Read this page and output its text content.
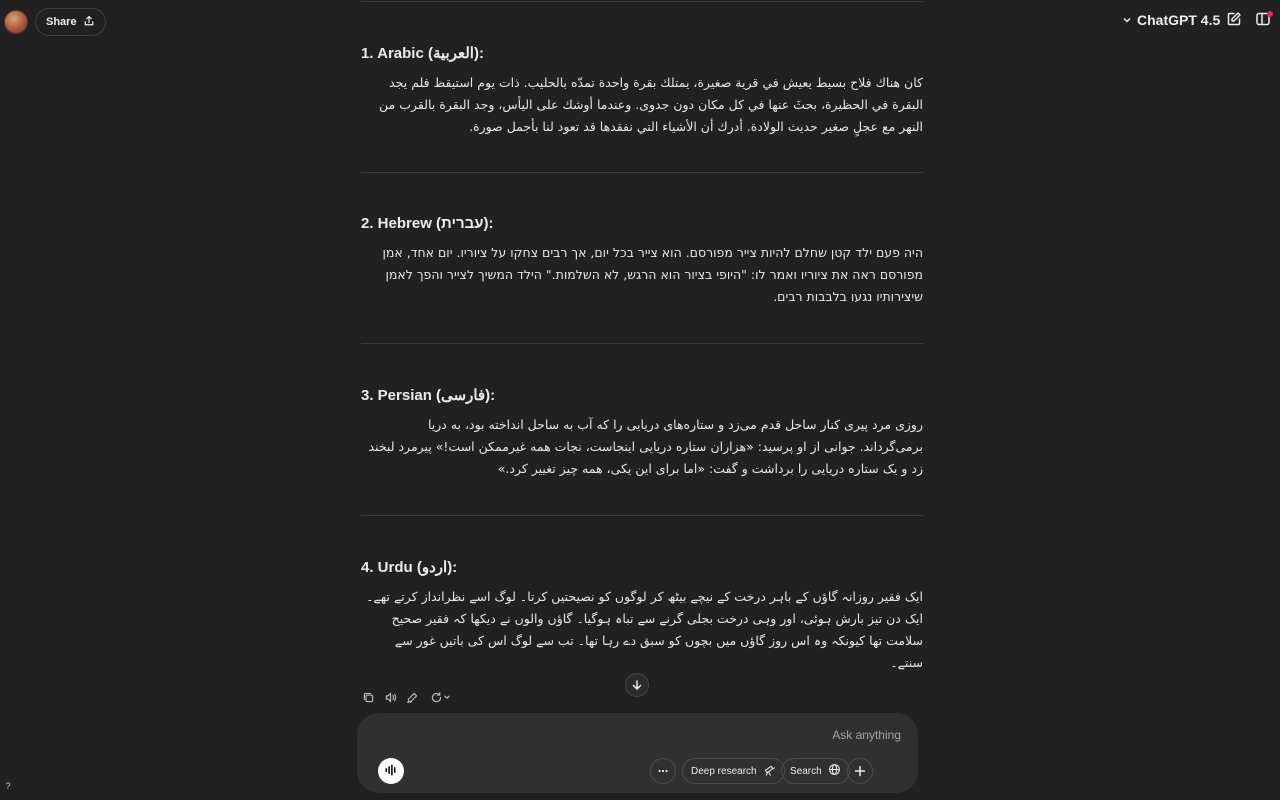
Share	ChatGPT 4.5
1. Arabic (العربية):

كان هناك فلاح بسيط يعيش في قرية صغيرة، يمتلك بقرة واحدة تمدّه بالحليب. ذات يوم استيقظ فلم يجد البقرة في الحظيرة، بحثَ عنها في كل مكان دون جدوى. وعندما أوشك على اليأس، وجد البقرة بالقرب من النهر مع عجلٍ صغير حديث الولادة. أدرك أن الأشياء التي نفقدها قد تعود لنا بأجمل صورة.

2. Hebrew (עברית):

היה פעם ילד קטן שחלם להיות צייר מפורסם. הוא צייר בכל יום, אך רבים צחקו על ציוריו. יום אחד, אמן מפורסם ראה את ציוריו ואמר לו: "היופי בציור הוא הרגש, לא השלמות." הילד המשיך לצייר והפך לאמן שיצירותיו נגעו בלבבות רבים.

3. Persian (فارسی):

روزی مرد پیری کنار ساحل قدم می‌زد و ستاره‌های دریایی را که آب به ساحل انداخته بود، به دریا برمی‌گرداند. جوانی از او پرسید: «هزاران ستاره دریایی اینجاست، نجات همه غیرممکن است!» پیرمرد لبخند زد و یک ستاره دریایی را برداشت و گفت: «اما برای این یکی، همه چیز تغییر کرد.»

4. Urdu (اردو):

ایک فقیر روزانہ گاؤں کے باہر درخت کے نیچے بیٹھ کر لوگوں کو نصیحتیں کرتا۔ لوگ اسے نظرانداز کرتے تھے۔ ایک دن تیز بارش ہوئی، اور وہی درخت بجلی گرنے سے تباہ ہوگیا۔ گاؤں والوں نے دیکھا کہ فقیر صحیح سلامت تھا کیونکہ وہ اس روز گاؤں میں بچوں کو سبق دے رہا تھا۔ تب سے لوگ اس کی باتیں غور سے سنتے۔

Ask anything
Deep research	Search
?
